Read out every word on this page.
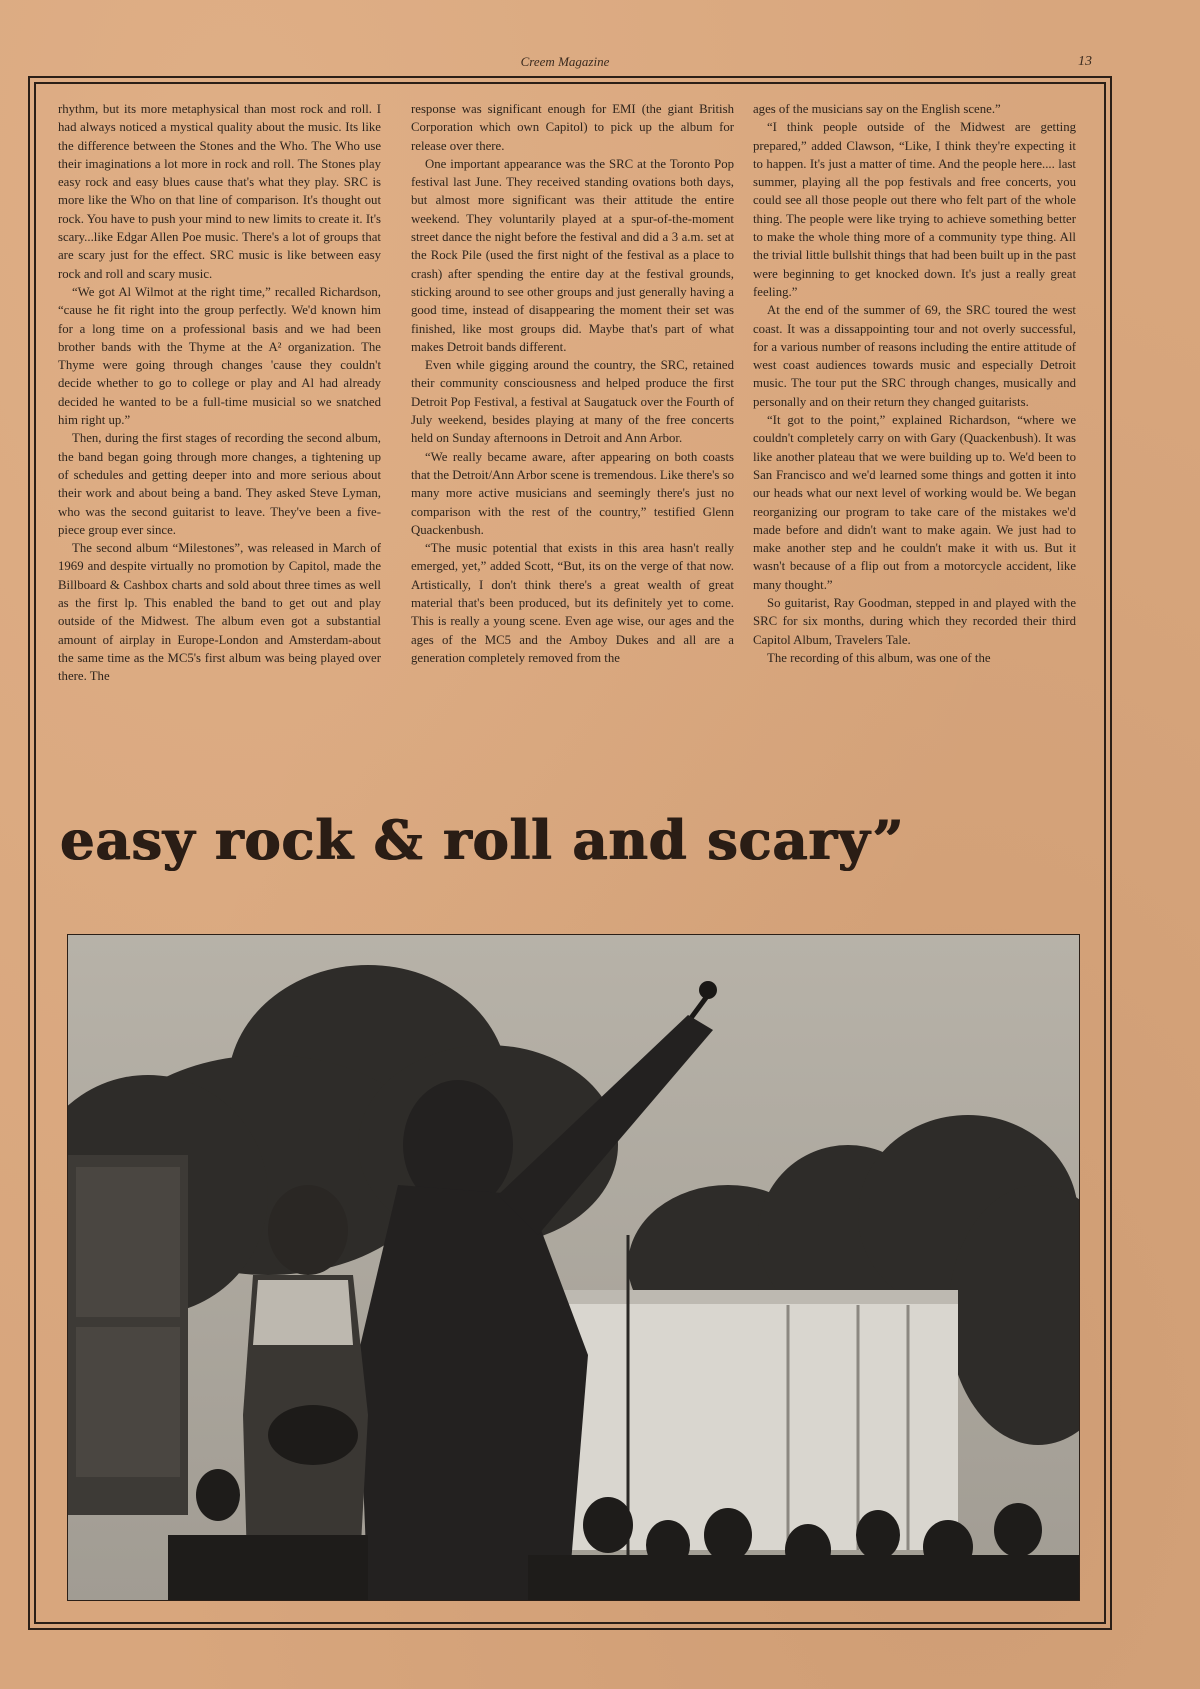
Creem Magazine	13

rhythm, but its more metaphysical than most rock and roll. I had always noticed a mystical quality about the music. Its like the difference between the Stones and the Who. The Who use their imaginations a lot more in rock and roll. The Stones play easy rock and easy blues cause that's what they play. SRC is more like the Who on that line of comparison. It's thought out rock. You have to push your mind to new limits to create it. It's scary...like Edgar Allen Poe music. There's a lot of groups that are scary just for the effect. SRC music is like between easy rock and roll and scary music.

“We got Al Wilmot at the right time,” recalled Richardson, “cause he fit right into the group perfectly. We'd known him for a long time on a professional basis and we had been brother bands with the Thyme at the A² organization. The Thyme were going through changes 'cause they couldn't decide whether to go to college or play and Al had already decided he wanted to be a full-time musicial so we snatched him right up.”

Then, during the first stages of recording the second album, the band began going through more changes, a tightening up of schedules and getting deeper into and more serious about their work and about being a band. They asked Steve Lyman, who was the second guitarist to leave. They've been a five-piece group ever since.

The second album “Milestones”, was released in March of 1969 and despite virtually no promotion by Capitol, made the Billboard & Cashbox charts and sold about three times as well as the first lp. This enabled the band to get out and play outside of the Midwest. The album even got a substantial amount of airplay in Europe-London and Amsterdam-about the same time as the MC5's first album was being played over there. The

response was significant enough for EMI (the giant British Corporation which own Capitol) to pick up the album for release over there.

One important appearance was the SRC at the Toronto Pop festival last June. They received standing ovations both days, but almost more significant was their attitude the entire weekend. They voluntarily played at a spur-of-the-moment street dance the night before the festival and did a 3 a.m. set at the Rock Pile (used the first night of the festival as a place to crash) after spending the entire day at the festival grounds, sticking around to see other groups and just generally having a good time, instead of disappearing the moment their set was finished, like most groups did. Maybe that's part of what makes Detroit bands different.

Even while gigging around the country, the SRC, retained their community consciousness and helped produce the first Detroit Pop Festival, a festival at Saugatuck over the Fourth of July weekend, besides playing at many of the free concerts held on Sunday afternoons in Detroit and Ann Arbor.

“We really became aware, after appearing on both coasts that the Detroit/Ann Arbor scene is tremendous. Like there's so many more active musicians and seemingly there's just no comparison with the rest of the country,” testified Glenn Quackenbush.

“The music potential that exists in this area hasn't really emerged, yet,” added Scott, “But, its on the verge of that now. Artistically, I don't think there's a great wealth of great material that's been produced, but its definitely yet to come. This is really a young scene. Even age wise, our ages and the ages of the MC5 and the Amboy Dukes and all are a generation completely removed from the

ages of the musicians say on the English scene.”

“I think people outside of the Midwest are getting prepared,” added Clawson, “Like, I think they're expecting it to happen. It's just a matter of time. And the people here.... last summer, playing all the pop festivals and free concerts, you could see all those people out there who felt part of the whole thing. The people were like trying to achieve something better to make the whole thing more of a community type thing. All the trivial little bullshit things that had been built up in the past were beginning to get knocked down. It's just a really great feeling.”

At the end of the summer of 69, the SRC toured the west coast. It was a dissappointing tour and not overly successful, for a various number of reasons including the entire attitude of west coast audiences towards music and especially Detroit music. The tour put the SRC through changes, musically and personally and on their return they changed guitarists.

“It got to the point,” explained Richardson, “where we couldn't completely carry on with Gary (Quackenbush). It was like another plateau that we were building up to. We'd been to San Francisco and we'd learned some things and gotten it into our heads what our next level of working would be. We began reorganizing our program to take care of the mistakes we'd made before and didn't want to make again. We just had to make another step and he couldn't make it with us. But it wasn't because of a flip out from a motorcycle accident, like many thought.”

So guitarist, Ray Goodman, stepped in and played with the SRC for six months, during which they recorded their third Capitol Album, Travelers Tale.

The recording of this album, was one of the

easy rock & roll and scary”
